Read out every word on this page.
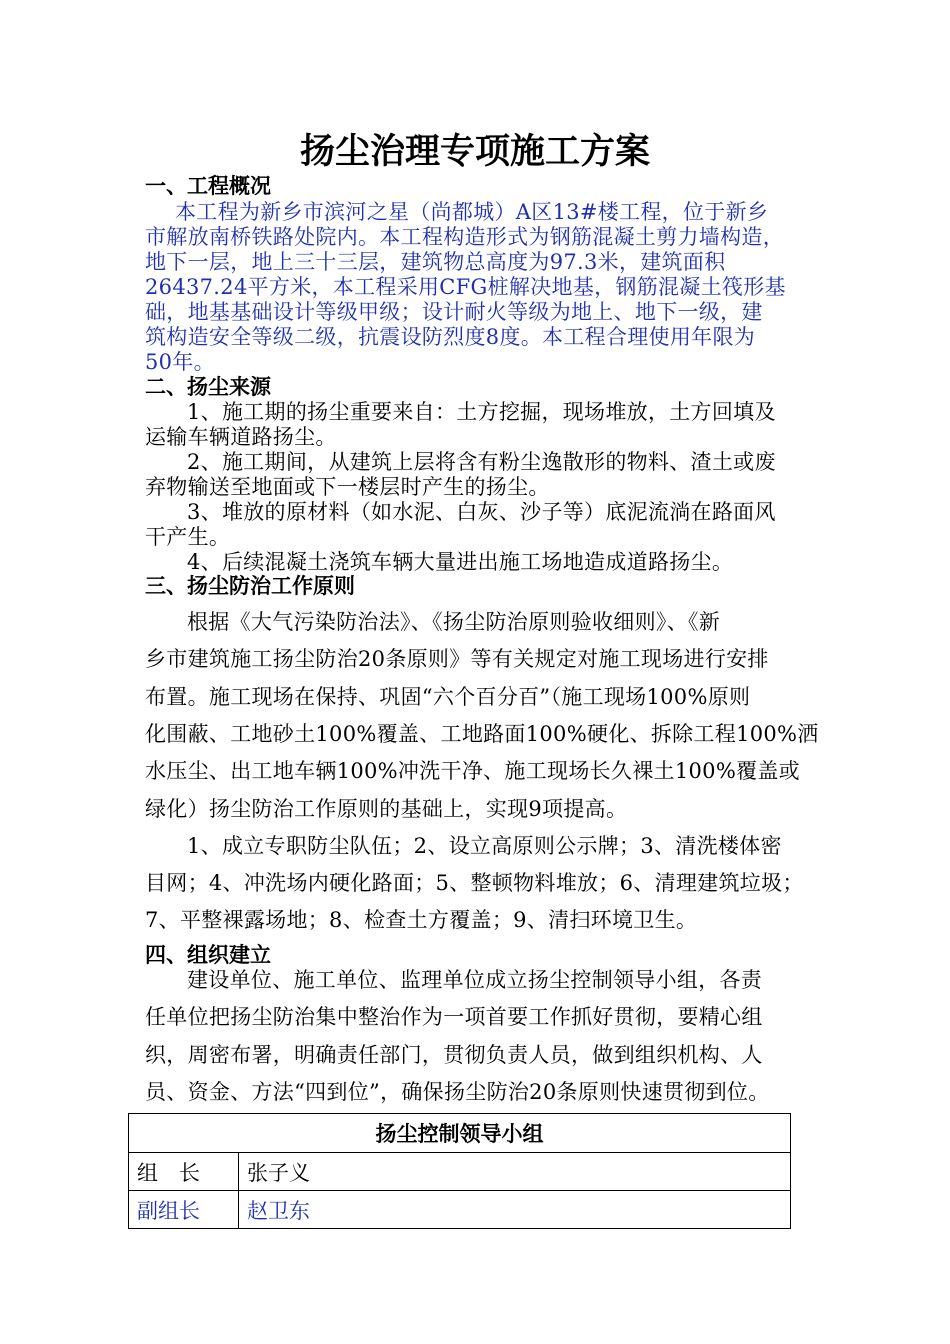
扬尘治理专项施工方案
一、工程概况
本工程为新乡市滨河之星（尚都城）A区13#楼工程，位于新乡
市解放南桥铁路处院内。本工程构造形式为钢筋混凝土剪力墙构造，
地下一层，地上三十三层，建筑物总高度为97.3米，建筑面积
26437.24平方米，本工程采用CFG桩解决地基，钢筋混凝土筏形基
础，地基基础设计等级甲级；设计耐火等级为地上、地下一级，建
筑构造安全等级二级，抗震设防烈度8度。本工程合理使用年限为
50年。
二、扬尘来源
1、施工期的扬尘重要来自：土方挖掘，现场堆放，土方回填及
运输车辆道路扬尘。
2、施工期间，从建筑上层将含有粉尘逸散形的物料、渣土或废
弃物输送至地面或下一楼层时产生的扬尘。
3、堆放的原材料（如水泥、白灰、沙子等）底泥流淌在路面风
干产生。
4、后续混凝土浇筑车辆大量进出施工场地造成道路扬尘。
三、扬尘防治工作原则
根据《大气污染防治法》、《扬尘防治原则验收细则》、《新
乡市建筑施工扬尘防治20条原则》等有关规定对施工现场进行安排
布置。施工现场在保持、巩固“六个百分百”（施工现场100%原则
化围蔽、工地砂土100%覆盖、工地路面100%硬化、拆除工程100%洒
水压尘、出工地车辆100%冲洗干净、施工现场长久裸土100%覆盖或
绿化）扬尘防治工作原则的基础上，实现9项提高。
1、成立专职防尘队伍；2、设立高原则公示牌；3、清洗楼体密
目网；4、冲洗场内硬化路面；5、整顿物料堆放；6、清理建筑垃圾；
7、平整裸露场地；8、检查土方覆盖；9、清扫环境卫生。
四、组织建立
建设单位、施工单位、监理单位成立扬尘控制领导小组，各责
任单位把扬尘防治集中整治作为一项首要工作抓好贯彻，要精心组
织，周密布署，明确责任部门，贯彻负责人员，做到组织机构、人
员、资金、方法“四到位”，确保扬尘防治20条原则快速贯彻到位。
扬尘控制领导小组	
组　长	张子义
副组长	赵卫东
